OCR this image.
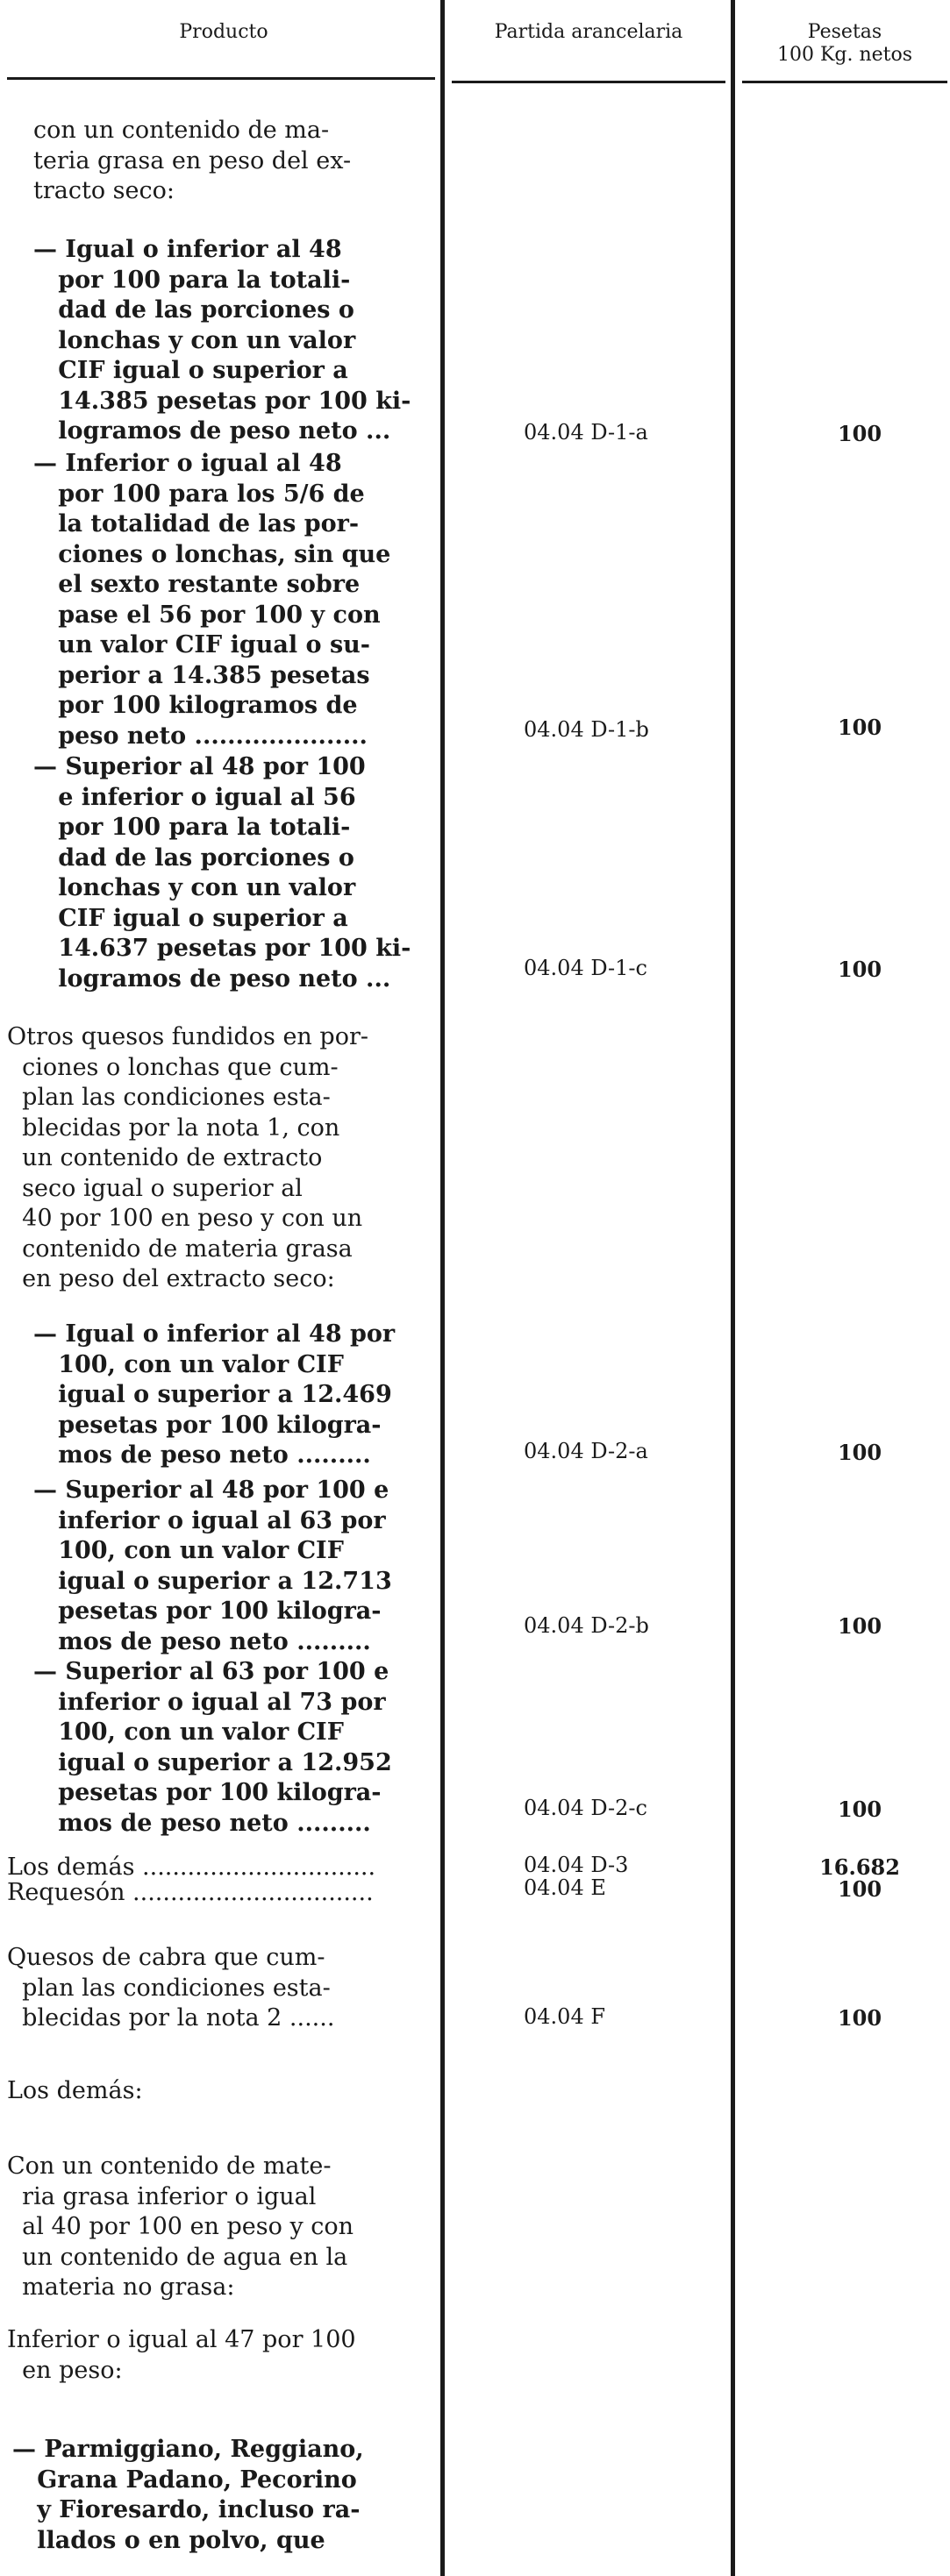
Producto	Partida arancelaria	Pesetas
100 Kg. netos
con un contenido de ma-
teria grasa en peso del ex-
tracto seco:
— Igual o inferior al 48
por 100 para la totali-
dad de las porciones o
lonchas y con un valor
CIF igual o superior a
14.385 pesetas por 100 ki-
logramos de peso neto ...
— Inferior o igual al 48
por 100 para los 5/6 de
la totalidad de las por-
ciones o lonchas, sin que
el sexto restante sobre
pase el 56 por 100 y con
un valor CIF igual o su-
perior a 14.385 pesetas
por 100 kilogramos de
peso neto .....................
— Superior al 48 por 100
e inferior o igual al 56
por 100 para la totali-
dad de las porciones o
lonchas y con un valor
CIF igual o superior a
14.637 pesetas por 100 ki-
logramos de peso neto ...
Otros quesos fundidos en por-
ciones o lonchas que cum-
plan las condiciones esta-
blecidas por la nota 1, con
un contenido de extracto
seco igual o superior al
40 por 100 en peso y con un
contenido de materia grasa
en peso del extracto seco:
— Igual o inferior al 48 por
100, con un valor CIF
igual o superior a 12.469
pesetas por 100 kilogra-
mos de peso neto .........
— Superior al 48 por 100 e
inferior o igual al 63 por
100, con un valor CIF
igual o superior a 12.713
pesetas por 100 kilogra-
mos de peso neto .........
— Superior al 63 por 100 e
inferior o igual al 73 por
100, con un valor CIF
igual o superior a 12.952
pesetas por 100 kilogra-
mos de peso neto .........
Los demás ...............................
Requesón ................................
Quesos de cabra que cum-
plan las condiciones esta-
blecidas por la nota 2 ......
Los demás:
Con un contenido de mate-
ria grasa inferior o igual
al 40 por 100 en peso y con
un contenido de agua en la
materia no grasa:
Inferior o igual al 47 por 100
en peso:
— Parmiggiano, Reggiano,
Grana Padano, Pecorino
y Fioresardo, incluso ra-
llados o en polvo, que
04.04 D-1-a
04.04 D-1-b
04.04 D-1-c
04.04 D-2-a
04.04 D-2-b
04.04 D-2-c
04.04 D-3
04.04 E
04.04 F
100
100
100
100
100
100
16.682
100
100
